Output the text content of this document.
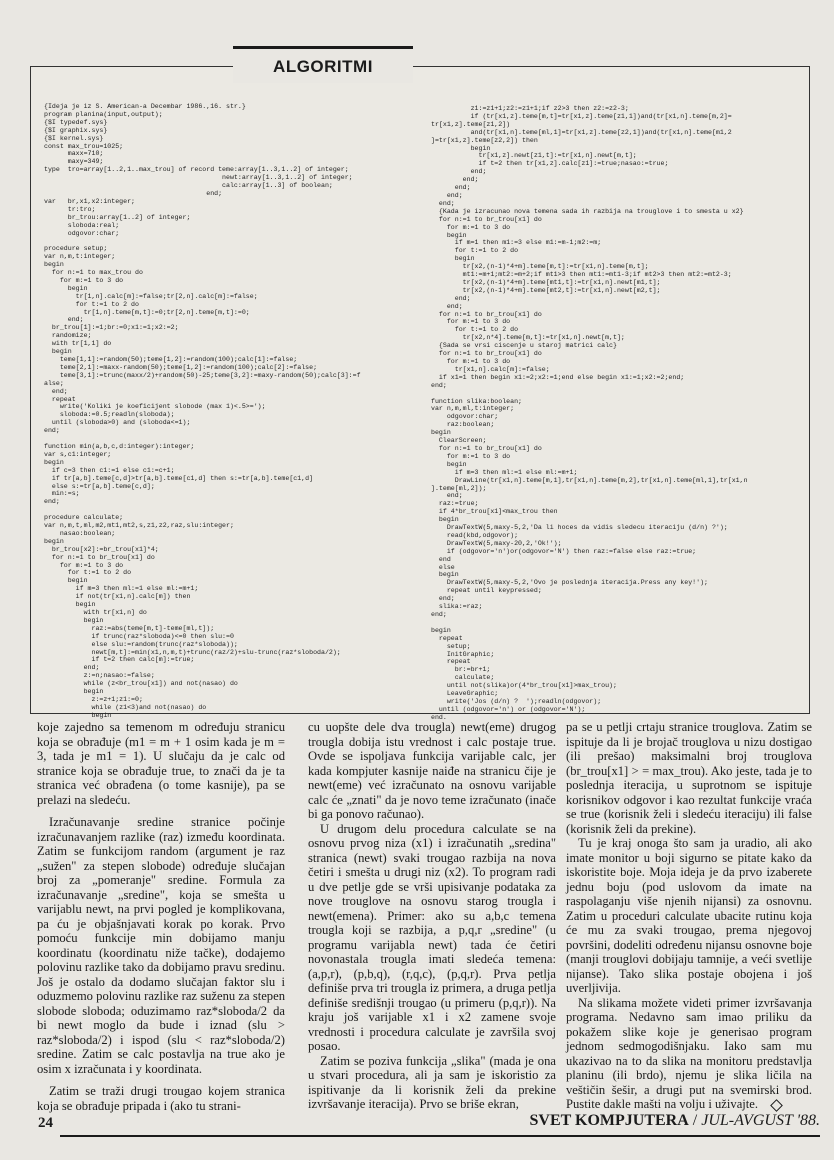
{Ideja je iz S. American-a Decembar 1986.,16. str.}
program planina(input,output);
{$I typedef.sys}
{$I graphix.sys}
{$I kernel.sys}
const max_trou=1025;
maxx=710;
maxy=349;
type  tro=array[1..2,1..max_trou] of record teme:array[1..3,1..2] of integer;
newt:array[1..3,1..2] of integer;
calc:array[1..3] of boolean;
end;
var   br,x1,x2:integer;
tr:tro;
br_trou:array[1..2] of integer;
sloboda:real;
odgovor:char;

procedure setup;
var n,m,t:integer;
begin
for n:=1 to max_trou do
for m:=1 to 3 do
begin
tr[1,n].calc[m]:=false;tr[2,n].calc[m]:=false;
for t:=1 to 2 do
tr[1,n].teme[m,t]:=0;tr[2,n].teme[m,t]:=0;
end;
br_trou[1]:=1;br:=0;x1:=1;x2:=2;
randomize;
with tr[1,1] do
begin
teme[1,1]:=random(50);teme[1,2]:=random(100);calc[1]:=false;
teme[2,1]:=maxx-random(50);teme[1,2]:=random(100);calc[2]:=false;
teme[3,1]:=trunc(maxx/2)+random(50)-25;teme[3,2]:=maxy-random(50);calc[3]:=f
alse;
end;
repeat
write('Koliki je koeficijent slobode (max 1)<.5>=');
sloboda:=0.5;readln(sloboda);
until (sloboda>0) and (sloboda<=1);
end;

function min(a,b,c,d:integer):integer;
var s,c1:integer;
begin
if c=3 then c1:=1 else c1:=c+1;
if tr[a,b].teme[c,d]>tr[a,b].teme[c1,d] then s:=tr[a,b].teme[c1,d]
else s:=tr[a,b].teme[c,d];
min:=s;
end;

procedure calculate;
var n,m,t,ml,m2,mt1,mt2,s,z1,z2,raz,slu:integer;
nasao:boolean;
begin
br_trou[x2]:=br_trou[x1]*4;
for n:=1 to br_trou[x1] do
for m:=1 to 3 do
for t:=1 to 2 do
begin
if m=3 then ml:=1 else ml:=m+1;
if not(tr[x1,n].calc[m]) then
begin
with tr[x1,n] do
begin
raz:=abs(teme[m,t]-teme[ml,t]);
if trunc(raz*sloboda)<=0 then slu:=0
else slu:=random(trunc(raz*sloboda));
newt[m,t]:=min(x1,n,m,t)+trunc(raz/2)+slu-trunc(raz*sloboda/2);
if t=2 then calc[m]:=true;
end;
z:=n;nasao:=false;
while (z<br_trou[x1]) and not(nasao) do
begin
z:=z+1;z1:=0;
while (z1<3)and not(nasao) do
begin
z1:=z1+1;z2:=z1+1;if z2>3 then z2:=z2-3;
if (tr[x1,z].teme[m,t]=tr[x1,z].teme[z1,1])and(tr[x1,n].teme[m,2]=
tr[x1,z].teme[z1,2])
and(tr[x1,n].teme[ml,1]=tr[x1,z].teme[z2,1])and(tr[x1,n].teme[m1,2
]=tr[x1,z].teme[z2,2]) then
begin
tr[x1,z].newt[z1,t]:=tr[x1,n].newt[m,t];
if t=2 then tr[x1,z].calc[z1]:=true;nasao:=true;
end;
end;
end;
end;
end;
{Kada je izracunao nova temena sada ih razbija na trouglove i to smesta u x2}
for n:=1 to br_trou[x1] do
for m:=1 to 3 do
begin
if m=1 then m1:=3 else m1:=m-1;m2:=m;
for t:=1 to 2 do
begin
tr[x2,(n-1)*4+m].teme[m,t]:=tr[x1,n].teme[m,t];
mt1:=m+1;mt2:=m+2;if mt1>3 then mt1:=mt1-3;if mt2>3 then mt2:=mt2-3;
tr[x2,(n-1)*4+m].teme[mt1,t]:=tr[x1,n].newt[m1,t];
tr[x2,(n-1)*4+m].teme[mt2,t]:=tr[x1,n].newt[m2,t];
end;
end;
for n:=1 to br_trou[x1] do
for m:=1 to 3 do
for t:=1 to 2 do
tr[x2,n*4].teme[m,t]:=tr[x1,n].newt[m,t];
{Sada se vrsi ciscenje u staroj matrici calc}
for n:=1 to br_trou[x1] do
for m:=1 to 3 do
tr[x1,n].calc[m]:=false;
if x1=1 then begin x1:=2;x2:=1;end else begin x1:=1;x2:=2;end;
end;

function slika:boolean;
var n,m,ml,t:integer;
odgovor:char;
raz:boolean;
begin
ClearScreen;
for n:=1 to br_trou[x1] do
for m:=1 to 3 do
begin
if m=3 then ml:=1 else ml:=m+1;
DrawLine(tr[x1,n].teme[m,1],tr[x1,n].teme[m,2],tr[x1,n].teme[ml,1],tr[x1,n
].teme[ml,2]);
end;
raz:=true;
if 4*br_trou[x1]<max_trou then
begin
DrawTextW(5,maxy-5,2,'Da li hoces da vidis sledecu iteraciju (d/n) ?');
read(kbd,odgovor);
DrawTextW(5,maxy-20,2,'Ok!');
if (odgovor='n')or(odgovor='N') then raz:=false else raz:=true;
end
else
begin
DrawTextW(5,maxy-5,2,'Ovo je poslednja iteracija.Press any key!');
repeat until keypressed;
end;
slika:=raz;
end;

begin
repeat
setup;
InitGraphic;
repeat
br:=br+1;
calculate;
until not(slika)or(4*br_trou[x1]>max_trou);
LeaveGraphic;
write('Jos (d/n) ?  ');readln(odgovor);
until (odgovor='n') or (odgovor='N');
end.
ALGORITMI

koje zajedno sa temenom m određuju stranicu koja se obrađuje (m1 = m + 1 osim kada je m = 3, tada je m1 = 1). U slučaju da je calc od stranice koja se obrađuje true, to znači da je ta stranica već obrađena (o tome kasnije), pa se prelazi na sledeću.

Izračunavanje sredine stranice počinje izračunavanjem razlike (raz) između koordinata. Zatim se funkcijom random (argument je raz „sužen" za stepen slobode) određuje slučajan broj za „pomeranje" sredine. Formula za izračunavanje „sredine", koja se smešta u varijablu newt, na prvi pogled je komplikovana, pa ću je objašnjavati korak po korak. Prvo pomoću funkcije min dobijamo manju koordinatu (koordinatu niže tačke), dodajemo polovinu razlike tako da dobijamo pravu sredinu. Još je ostalo da dodamo slučajan faktor slu i oduzmemo polovinu razlike raz suženu za stepen slobode sloboda; oduzimamo raz*sloboda/2 da bi newt moglo da bude i iznad (slu > raz*sloboda/2) i ispod (slu < raz*sloboda/2) sredine. Zatim se calc postavlja na true ako je osim x izračunata i y koordinata.

Zatim se traži drugi trougao kojem stranica koja se obrađuje pripada i (ako tu strani-

cu uopšte dele dva trougla) newt(eme) drugog trougla dobija istu vrednost i calc postaje true. Ovde se ispoljava funkcija varijable calc, jer kada kompjuter kasnije naiđe na stranicu čije je newt(eme) već izračunato na osnovu varijable calc će „znati" da je novo teme izračunato (inače bi ga ponovo računao).

U drugom delu procedura calculate se na osnovu prvog niza (x1) i izračunatih „sredina" stranica (newt) svaki trougao razbija na nova četiri i smešta u drugi niz (x2). To program radi u dve petlje gde se vrši upisivanje podataka za nove trouglove na osnovu starog trougla i newt(emena). Primer: ako su a,b,c temena trougla koji se razbija, a p,q,r „sredine" (u programu varijabla newt) tada će četiri novonastala trougla imati sledeća temena: (a,p,r), (p,b,q), (r,q,c), (p,q,r). Prva petlja definiše prva tri trougla iz primera, a druga petlja definiše središnji trougao (u primeru (p,q,r)). Na kraju još varijable x1 i x2 zamene svoje vrednosti i procedura calculate je završila svoj posao.

Zatim se poziva funkcija „slika" (mada je ona u stvari procedura, ali ja sam je iskoristio za ispitivanje da li korisnik želi da prekine izvršavanje iteracija). Prvo se briše ekran,

pa se u petlji crtaju stranice trouglova. Zatim se ispituje da li je brojač trouglova u nizu dostigao (ili prešao) maksimalni broj trouglova (br_trou[x1] > = max_trou). Ako jeste, tada je to poslednja iteracija, u suprotnom se ispituje korisnikov odgovor i kao rezultat funkcije vraća se true (korisnik želi i sledeću iteraciju) ili false (korisnik želi da prekine).

Tu je kraj onoga što sam ja uradio, ali ako imate monitor u boji sigurno se pitate kako da iskoristite boje. Moja ideja je da prvo izaberete jednu boju (pod uslovom da imate na raspolaganju više njenih nijansi) za osnovnu. Zatim u proceduri calculate ubacite rutinu koja će mu za svaki trougao, prema njegovoj površini, dodeliti određenu nijansu osnovne boje (manji trouglovi dobijaju tamnije, a veći svetlije nijanse). Tako slika postaje obojena i još uverljivija.

Na slikama možete videti primer izvršavanja programa. Nedavno sam imao priliku da pokažem slike koje je generisao program jednom sedmogodišnjaku. Iako sam mu ukazivao na to da slika na monitoru predstavlja planinu (ili brdo), njemu je slika ličila na veštičin šešir, a drugi put na svemirski brod. Pustite dakle mašti na volju i uživajte.

24	SVET KOMPJUTERA / JUL-AVGUST '88.
